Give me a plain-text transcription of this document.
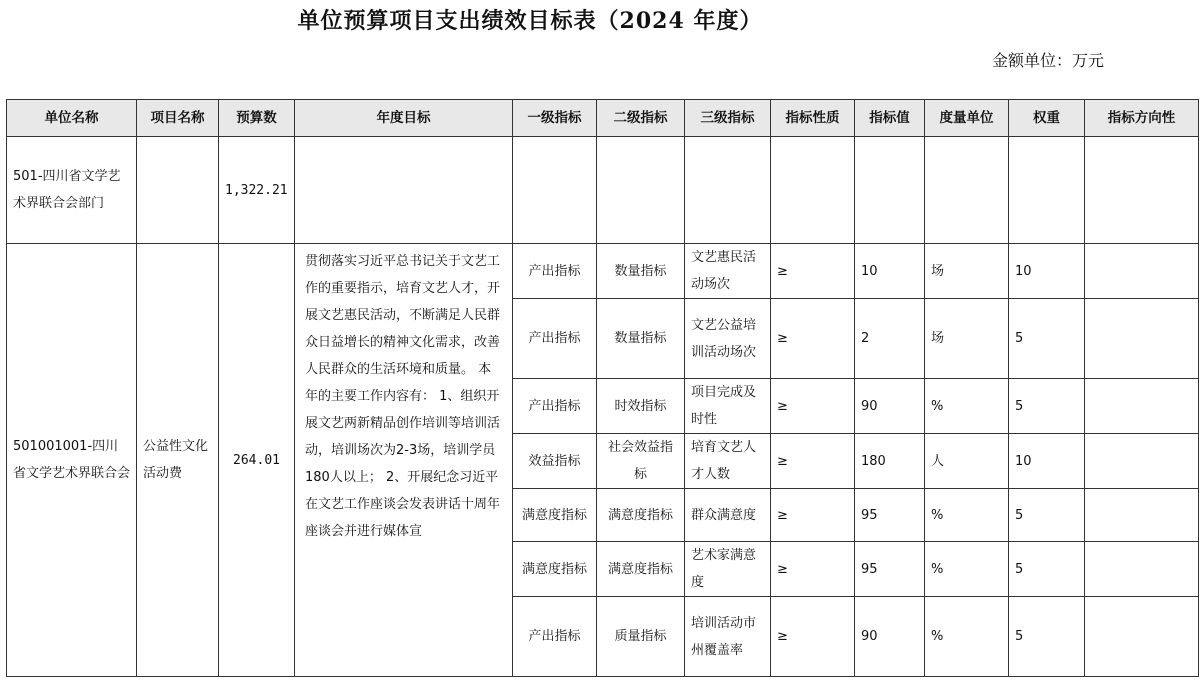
单位预算项目支出绩效目标表（2024 年度）
金额单位：万元
单位名称	项目名称	预算数	年度目标	一级指标	二级指标	三级指标	指标性质	指标值	度量单位	权重	指标方向性
501-四川省文学艺术界联合会部门		1,322.21									
501001001-四川省文学艺术界联合会	公益性文化活动费	264.01	贯彻落实习近平总书记关于文艺工作的重要指示，培育文艺人才，开展文艺惠民活动，不断满足人民群众日益增长的精神文化需求，改善人民群众的生活环境和质量。 本年的主要工作内容有： 1、组织开展文艺两新精品创作培训等培训活动，培训场次为2-3场，培训学员180人以上； 2、开展纪念习近平在文艺工作座谈会发表讲话十周年座谈会并进行媒体宣	产出指标	数量指标	文艺惠民活动场次	≥	10	场	10	
				产出指标	数量指标	文艺公益培训活动场次	≥	2	场	5	
				产出指标	时效指标	项目完成及时性	≥	90	%	5	
				效益指标	社会效益指标	培育文艺人才人数	≥	180	人	10	
				满意度指标	满意度指标	群众满意度	≥	95	%	5	
				满意度指标	满意度指标	艺术家满意度	≥	95	%	5	
				产出指标	质量指标	培训活动市州覆盖率	≥	90	%	5	
